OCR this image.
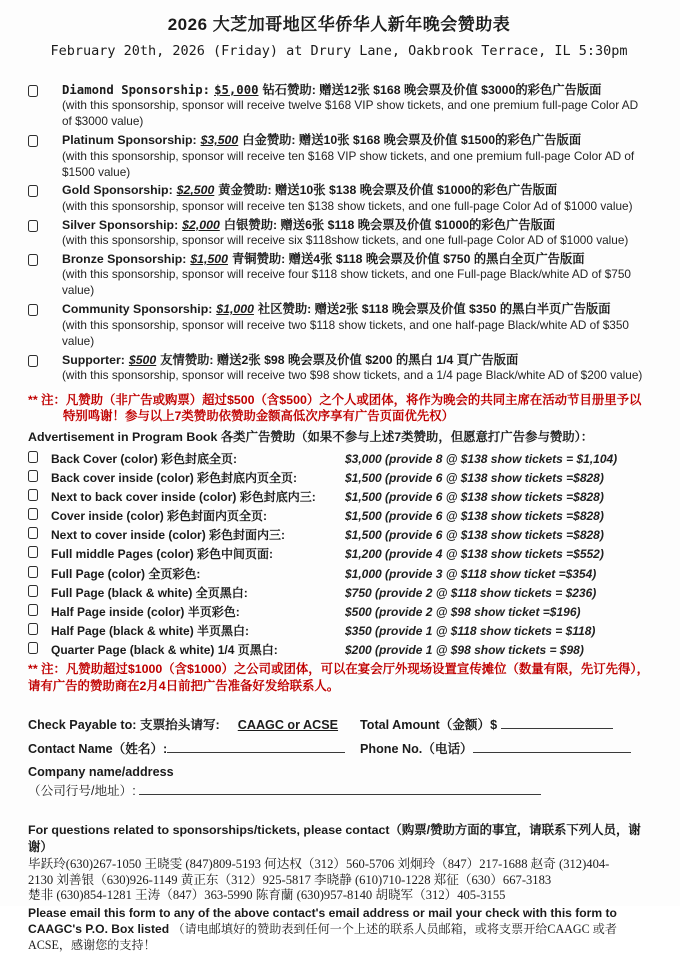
2026 大芝加哥地区华侨华人新年晚会赞助表
February 20th, 2026 (Friday) at Drury Lane, Oakbrook Terrace, IL 5:30pm
Diamond Sponsorship: $5,000 钻石赞助: 赠送12张 $168 晚会票及价值 $3000的彩色广告版面
(with this sponsorship, sponsor will receive twelve $168 VIP show tickets, and one premium full-page Color AD of $3000 value)
Platinum Sponsorship: $3,500 白金赞助: 赠送10张 $168 晚会票及价值 $1500的彩色广告版面
(with this sponsorship, sponsor will receive ten $168 VIP show tickets, and one premium full-page Color AD of $1500 value)
Gold Sponsorship: $2,500 黄金赞助: 赠送10张 $138 晚会票及价值 $1000的彩色广告版面
(with this sponsorship, sponsor will receive ten $138 show tickets, and one full-page Color Ad of $1000 value)
Silver Sponsorship: $2,000 白银赞助: 赠送6张 $118 晚会票及价值 $1000的彩色广告版面
(with this sponsorship, sponsor will receive six $118show tickets, and one full-page Color AD of $1000 value)
Bronze Sponsorship: $1,500 青铜赞助: 赠送4张 $118 晚会票及价值 $750 的黑白全页广告版面
(with this sponsorship, sponsor will receive four $118 show tickets, and one Full-page Black/white AD of $750 value)
Community Sponsorship: $1,000 社区赞助: 赠送2张 $118 晚会票及价值 $350 的黑白半页广告版面
(with this sponsorship, sponsor will receive two $118 show tickets, and one half-page Black/white AD of $350 value)
Supporter: $500 友情赞助: 赠送2张 $98 晚会票及价值 $200 的黑白 1/4 頁广告版面
(with this sponsorship, sponsor will receive two $98 show tickets, and a 1/4 page Black/white AD of $200 value)
** 注：凡赞助（非广告或购票）超过$500（含$500）之个人或团体，将作为晚会的共同主席在活动节目册里予以
特别鸣谢！参与以上7类赞助依赞助金额高低次序享有广告页面优先权）
Advertisement in Program Book 各类广告赞助（如果不参与上述7类赞助，但愿意打广告参与赞助）：
Back Cover (color) 彩色封底全页:	$3,000 (provide 8 @ $138 show tickets = $1,104)
Back cover inside (color) 彩色封底内页全页:	$1,500 (provide 6 @ $138 show tickets =$828)
Next to back cover inside (color) 彩色封底内三:	$1,500 (provide 6 @ $138 show tickets =$828)
Cover inside (color) 彩色封面内页全页:	$1,500 (provide 6 @ $138 show tickets =$828)
Next to cover inside (color) 彩色封面内三:	$1,500 (provide 6 @ $138 show tickets =$828)
Full middle Pages (color) 彩色中间页面:	$1,200 (provide 4 @ $138 show tickets =$552)
Full Page (color) 全页彩色:	$1,000 (provide 3 @ $118 show ticket =$354)
Full Page (black & white) 全页黑白:	$750 (provide 2 @ $118 show tickets = $236)
Half Page inside (color) 半页彩色:	$500 (provide 2 @ $98 show ticket =$196)
Half Page (black & white) 半页黑白:	$350 (provide 1 @ $118 show tickets = $118)
Quarter Page (black & white) 1/4 页黑白:	$200 (provide 1 @ $98 show tickets = $98)
** 注：凡赞助超过$1000（含$1000）之公司或团体，可以在宴会厅外现场设置宣传摊位（数量有限，先订先得），
请有广告的赞助商在2月4日前把广告准备好发给联系人。
Check Payable to: 支票抬头请写: CAAGC or ACSE	Total Amount（金额）$
Contact Name（姓名）:	Phone No.（电话）
Company name/address
（公司行号/地址）:
For questions related to sponsorships/tickets, please contact（购票/赞助方面的事宜，请联系下列人员，谢谢）
毕跃玲(630)267-1050 王晓雯 (847)809-5193 何达权（312）560-5706 刘炯玲（847）217-1688 赵奇 (312)404-
2130 刘善银（630)926-1149 黄正东（312）925-5817 李晓静 (610)710-1228 郑征（630）667-3183
楚非 (630)854-1281 王涛（847）363-5990 陈育蘭 (630)957-8140 胡晓军（312）405-3155
Please email this form to any of the above contact's email address or mail your check with this form to CAAGC's P.O. Box listed （请电邮填好的赞助表到任何一个上述的联系人员邮箱，或将支票开给CAAGC 或者ACSE，感谢您的支持！
